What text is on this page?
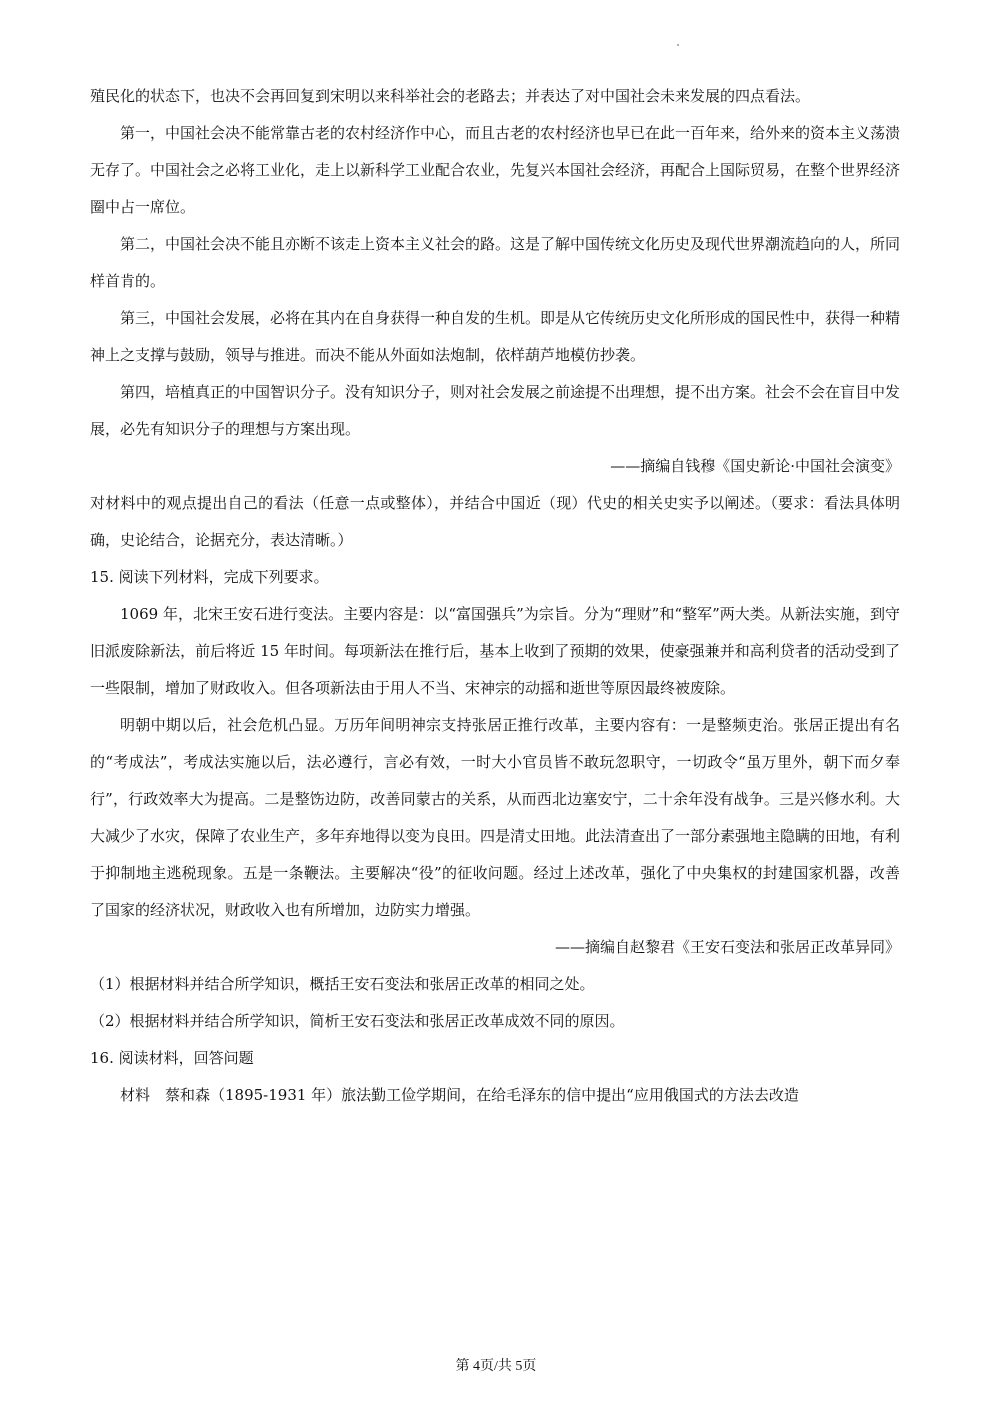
殖民化的状态下，也决不会再回复到宋明以来科举社会的老路去；并表达了对中国社会未来发展的四点看法。

第一，中国社会决不能常靠古老的农村经济作中心，而且古老的农村经济也早已在此一百年来，给外来的资本主义荡溃无存了。中国社会之必将工业化，走上以新科学工业配合农业，先复兴本国社会经济，再配合上国际贸易，在整个世界经济圈中占一席位。

第二，中国社会决不能且亦断不该走上资本主义社会的路。这是了解中国传统文化历史及现代世界潮流趋向的人，所同样首肯的。

第三，中国社会发展，必将在其内在自身获得一种自发的生机。即是从它传统历史文化所形成的国民性中，获得一种精神上之支撑与鼓励，领导与推进。而决不能从外面如法炮制，依样葫芦地模仿抄袭。

第四，培植真正的中国智识分子。没有知识分子，则对社会发展之前途提不出理想，提不出方案。社会不会在盲目中发展，必先有知识分子的理想与方案出现。

——摘编自钱穆《国史新论·中国社会演变》

对材料中的观点提出自己的看法（任意一点或整体），并结合中国近（现）代史的相关史实予以阐述。（要求：看法具体明确，史论结合，论据充分，表达清晰。）

15. 阅读下列材料，完成下列要求。

1069 年，北宋王安石进行变法。主要内容是：以“富国强兵”为宗旨。分为“理财”和“整军”两大类。从新法实施，到守旧派废除新法，前后将近 15 年时间。每项新法在推行后，基本上收到了预期的效果，使豪强兼并和高利贷者的活动受到了一些限制，增加了财政收入。但各项新法由于用人不当、宋神宗的动摇和逝世等原因最终被废除。

明朝中期以后，社会危机凸显。万历年间明神宗支持张居正推行改革，主要内容有：一是整频吏治。张居正提出有名的“考成法”，考成法实施以后，法必遵行，言必有效，一时大小官员皆不敢玩忽职守，一切政令“虽万里外，朝下而夕奉行”，行政效率大为提高。二是整饬边防，改善同蒙古的关系，从而西北边塞安宁，二十余年没有战争。三是兴修水利。大大减少了水灾，保障了农业生产，多年弃地得以变为良田。四是清丈田地。此法清查出了一部分素强地主隐瞒的田地，有利于抑制地主逃税现象。五是一条鞭法。主要解决“役”的征收问题。经过上述改革，强化了中央集权的封建国家机器，改善了国家的经济状况，财政收入也有所增加，边防实力增强。

——摘编自赵黎君《王安石变法和张居正改革异同》

（1）根据材料并结合所学知识，概括王安石变法和张居正改革的相同之处。

（2）根据材料并结合所学知识，简析王安石变法和张居正改革成效不同的原因。

16. 阅读材料，回答问题

材料　蔡和森（1895-1931 年）旅法勤工俭学期间，在给毛泽东的信中提出“应用俄国式的方法去改造

第 4页/共 5页
